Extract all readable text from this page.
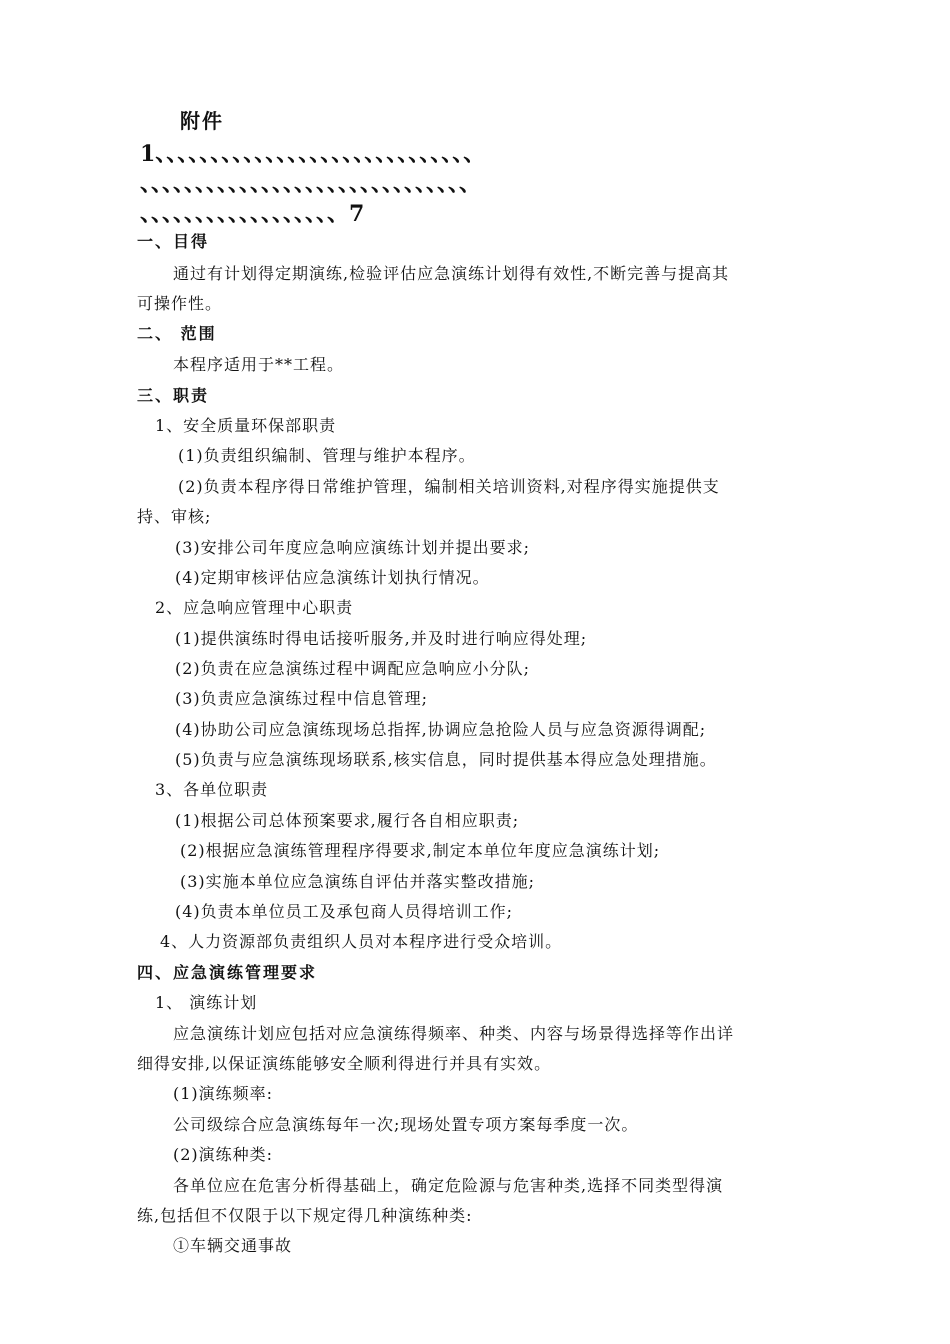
附件
1、、、、、、、、、、、、、、、、、、、、、、、、、、、、、
、、、、、、、、、、、、、、、、、、、、、、、、、、、、、、
、、、、、、、、、、、、、、、、、、7
一、目得
通过有计划得定期演练,检验评估应急演练计划得有效性,不断完善与提高其
可操作性。
二、 范围
本程序适用于**工程。
三、职责
1、安全质量环保部职责
(1)负责组织编制、管理与维护本程序。
(2)负责本程序得日常维护管理，编制相关培训资料,对程序得实施提供支
持、审核;
(3)安排公司年度应急响应演练计划并提出要求;
(4)定期审核评估应急演练计划执行情况。
2、应急响应管理中心职责
(1)提供演练时得电话接听服务,并及时进行响应得处理;
(2)负责在应急演练过程中调配应急响应小分队;
(3)负责应急演练过程中信息管理;
(4)协助公司应急演练现场总指挥,协调应急抢险人员与应急资源得调配;
(5)负责与应急演练现场联系,核实信息，同时提供基本得应急处理措施。
3、各单位职责
(1)根据公司总体预案要求,履行各自相应职责;
(2)根据应急演练管理程序得要求,制定本单位年度应急演练计划;
(3)实施本单位应急演练自评估并落实整改措施;
(4)负责本单位员工及承包商人员得培训工作;
4、人力资源部负责组织人员对本程序进行受众培训。
四、应急演练管理要求
1、 演练计划
应急演练计划应包括对应急演练得频率、种类、内容与场景得选择等作出详
细得安排,以保证演练能够安全顺利得进行并具有实效。
(1)演练频率:
公司级综合应急演练每年一次;现场处置专项方案每季度一次。
(2)演练种类:
各单位应在危害分析得基础上，确定危险源与危害种类,选择不同类型得演
练,包括但不仅限于以下规定得几种演练种类:
①车辆交通事故
